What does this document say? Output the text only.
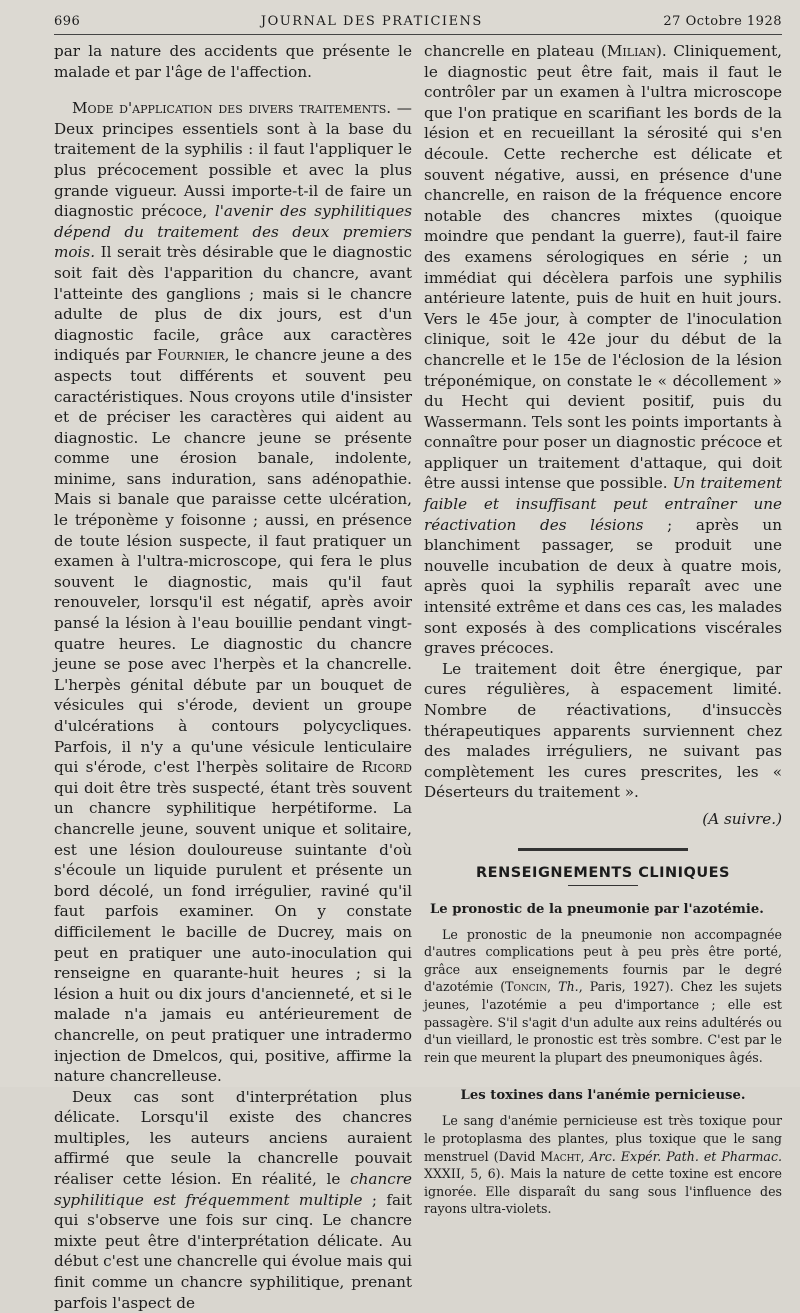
696	JOURNAL DES PRATICIENS	27 Octobre 1928

par la nature des accidents que présente le malade et par l'âge de l'affection.

Mode d'application des divers traitements. — Deux principes essentiels sont à la base du traitement de la syphilis : il faut l'appliquer le plus précocement possible et avec la plus grande vigueur. Aussi importe-t-il de faire un diagnostic précoce, l'avenir des syphilitiques dépend du traitement des deux premiers mois. Il serait très désirable que le diagnostic soit fait dès l'apparition du chancre, avant l'atteinte des ganglions ; mais si le chancre adulte de plus de dix jours, est d'un diagnostic facile, grâce aux caractères indiqués par Fournier, le chancre jeune a des aspects tout différents et souvent peu caractéristiques. Nous croyons utile d'insister et de préciser les caractères qui aident au diagnostic. Le chancre jeune se présente comme une érosion banale, indolente, minime, sans induration, sans adénopathie. Mais si banale que paraisse cette ulcération, le tréponème y foisonne ; aussi, en présence de toute lésion suspecte, il faut pratiquer un examen à l'ultra-microscope, qui fera le plus souvent le diagnostic, mais qu'il faut renouveler, lorsqu'il est négatif, après avoir pansé la lésion à l'eau bouillie pendant vingt-quatre heures. Le diagnostic du chancre jeune se pose avec l'herpès et la chancrelle. L'herpès génital débute par un bouquet de vésicules qui s'érode, devient un groupe d'ulcérations à contours polycycliques. Parfois, il n'y a qu'une vésicule lenticulaire qui s'érode, c'est l'herpès solitaire de Ricord qui doit être très suspecté, étant très souvent un chancre syphilitique herpétiforme. La chancrelle jeune, souvent unique et solitaire, est une lésion douloureuse suintante d'où s'écoule un liquide purulent et présente un bord décolé, un fond irrégulier, raviné qu'il faut parfois examiner. On y constate difficilement le bacille de Ducrey, mais on peut en pratiquer une auto-inoculation qui renseigne en quarante-huit heures ; si la lésion a huit ou dix jours d'ancienneté, et si le malade n'a jamais eu antérieurement de chancrelle, on peut pratiquer une intradermo injection de Dmelcos, qui, positive, affirme la nature chancrelleuse.

Deux cas sont d'interprétation plus délicate. Lorsqu'il existe des chancres multiples, les auteurs anciens auraient affirmé que seule la chancrelle pouvait réaliser cette lésion. En réalité, le chancre syphilitique est fréquemment multiple ; fait qui s'observe une fois sur cinq. Le chancre mixte peut être d'interprétation délicate. Au début c'est une chancrelle qui évolue mais qui finit comme un chancre syphilitique, prenant parfois l'aspect de

chancrelle en plateau (Milian). Cliniquement, le diagnostic peut être fait, mais il faut le contrôler par un examen à l'ultra microscope que l'on pratique en scarifiant les bords de la lésion et en recueillant la sérosité qui s'en découle. Cette recherche est délicate et souvent négative, aussi, en présence d'une chancrelle, en raison de la fréquence encore notable des chancres mixtes (quoique moindre que pendant la guerre), faut-il faire des examens sérologiques en série ; un immédiat qui décèlera parfois une syphilis antérieure latente, puis de huit en huit jours. Vers le 45e jour, à compter de l'inoculation clinique, soit le 42e jour du début de la chancrelle et le 15e de l'éclosion de la lésion tréponémique, on constate le « décollement » du Hecht qui devient positif, puis du Wassermann. Tels sont les points importants à connaître pour poser un diagnostic précoce et appliquer un traitement d'attaque, qui doit être aussi intense que possible. Un traitement faible et insuffisant peut entraîner une réactivation des lésions ; après un blanchiment passager, se produit une nouvelle incubation de deux à quatre mois, après quoi la syphilis reparaît avec une intensité extrême et dans ces cas, les malades sont exposés à des complications viscérales graves précoces.

Le traitement doit être énergique, par cures régulières, à espacement limité. Nombre de réactivations, d'insuccès thérapeutiques apparents surviennent chez des malades irréguliers, ne suivant pas complètement les cures prescrites, les « Déserteurs du traitement ».

(A suivre.)

RENSEIGNEMENTS CLINIQUES
Le pronostic de la pneumonie par l'azotémie.

Le pronostic de la pneumonie non accompagnée d'autres complications peut à peu près être porté, grâce aux enseignements fournis par le degré d'azotémie (Toncin, Th., Paris, 1927). Chez les sujets jeunes, l'azotémie a peu d'importance ; elle est passagère. S'il s'agit d'un adulte aux reins adultérés ou d'un vieillard, le pronostic est très sombre. C'est par le rein que meurent la plupart des pneumoniques âgés.

Les toxines dans l'anémie pernicieuse.

Le sang d'anémie pernicieuse est très toxique pour le protoplasma des plantes, plus toxique que le sang menstruel (David Macht, Arc. Expér. Path. et Pharmac. XXXII, 5, 6). Mais la nature de cette toxine est encore ignorée. Elle disparaît du sang sous l'influence des rayons ultra-violets.
